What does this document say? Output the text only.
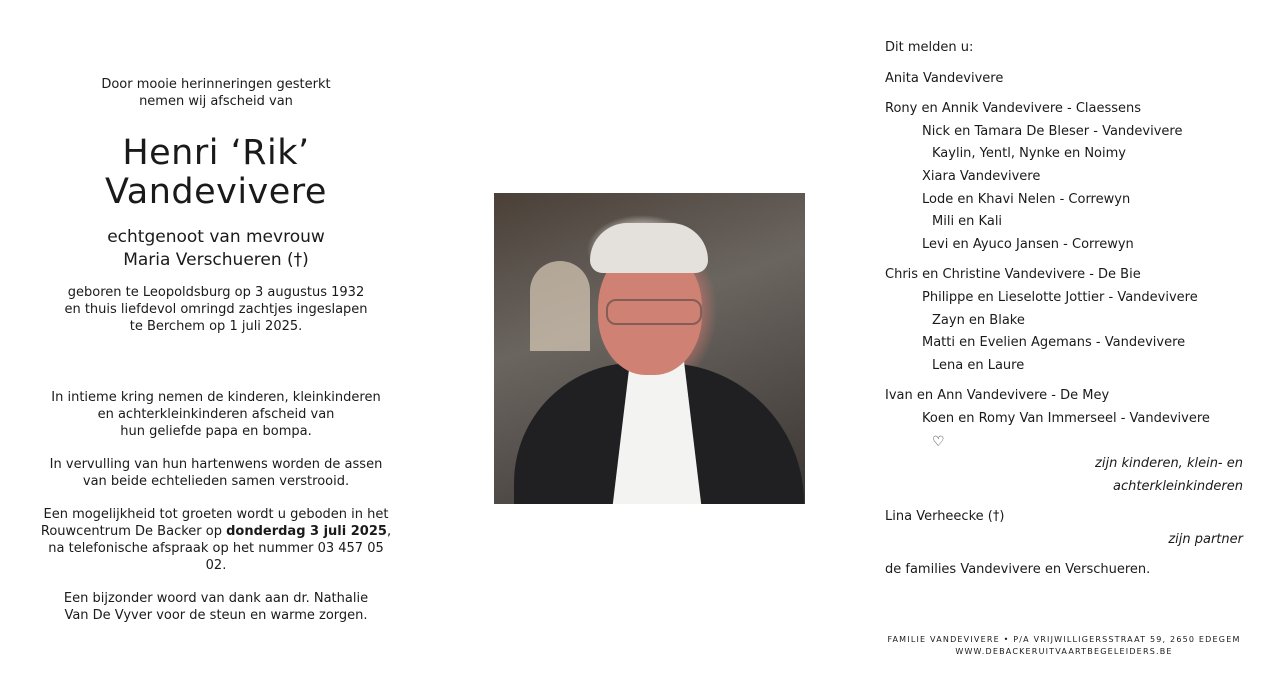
Door mooie herinneringen gesterkt
nemen wij afscheid van
Henri ‘Rik’
Vandevivere
echtgenoot van mevrouw
Maria Verschueren (†)
geboren te Leopoldsburg op 3 augustus 1932
en thuis liefdevol omringd zachtjes ingeslapen
te Berchem op 1 juli 2025.

In intieme kring nemen de kinderen, kleinkinderen
en achterkleinkinderen afscheid van
hun geliefde papa en bompa.

In vervulling van hun hartenwens worden de assen
van beide echtelieden samen verstrooid.

Een mogelijkheid tot groeten wordt u geboden in het
Rouwcentrum De Backer op donderdag 3 juli 2025,
na telefonische afspraak op het nummer 03 457 05 02.

Een bijzonder woord van dank aan dr. Nathalie
Van De Vyver voor de steun en warme zorgen.

Dit melden u:
Anita Vandevivere
Rony en Annik Vandevivere - Claessens
Nick en Tamara De Bleser - Vandevivere
Kaylin, Yentl, Nynke en Noimy
Xiara Vandevivere
Lode en Khavi Nelen - Correwyn
Mili en Kali
Levi en Ayuco Jansen - Correwyn
Chris en Christine Vandevivere - De Bie
Philippe en Lieselotte Jottier - Vandevivere
Zayn en Blake
Matti en Evelien Agemans - Vandevivere
Lena en Laure
Ivan en Ann Vandevivere - De Mey
Koen en Romy Van Immerseel - Vandevivere
♡
zijn kinderen, klein- en
achterkleinkinderen
Lina Verheecke (†)
zijn partner
de families Vandevivere en Verschueren.
FAMILIE VANDEVIVERE • P/A VRIJWILLIGERSSTRAAT 59, 2650 EDEGEM
WWW.DEBACKERUITVAARTBEGELEIDERS.BE
